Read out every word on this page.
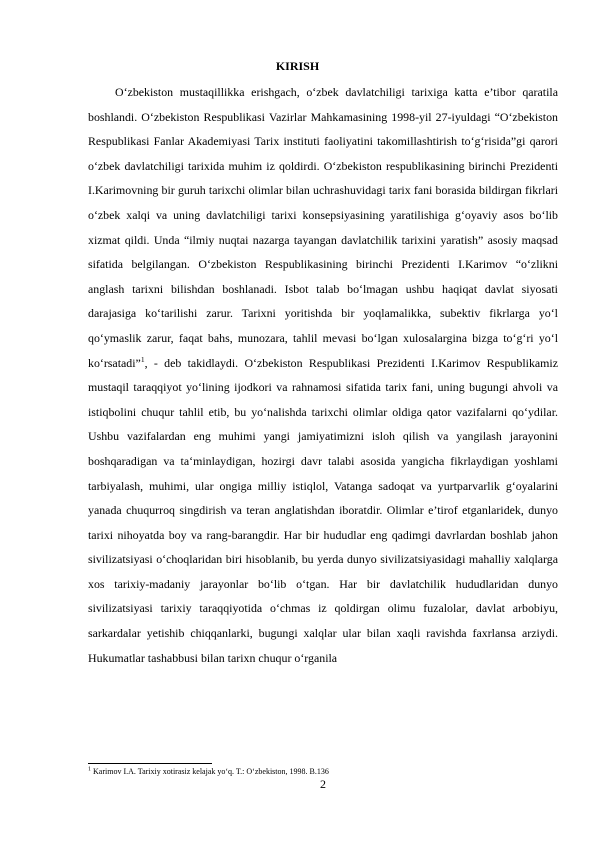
KIRISH

O‘zbekiston mustaqillikka erishgach, o‘zbek davlatchiligi tarixiga katta e’tibor qaratila boshlandi. O‘zbekiston Respublikasi Vazirlar Mahkamasining 1998-yil 27-iyuldagi “O‘zbekiston Respublikasi Fanlar Akademiyasi Tarix instituti faoliyatini takomillashtirish to‘g‘risida”gi qarori o‘zbek davlatchiligi tarixida muhim iz qoldirdi. O‘zbekiston respublikasining birinchi Prezidenti I.Karimovning bir guruh tarixchi olimlar bilan uchrashuvidagi tarix fani borasida bildirgan fikrlari o‘zbek xalqi va uning davlatchiligi tarixi konsepsiyasining yaratilishiga g‘oyaviy asos bo‘lib xizmat qildi. Unda “ilmiy nuqtai nazarga tayangan davlatchilik tarixini yaratish” asosiy maqsad sifatida belgilangan. O‘zbekiston Respublikasining birinchi Prezidenti I.Karimov “o‘zlikni anglash tarixni bilishdan boshlanadi. Isbot talab bo‘lmagan ushbu haqiqat davlat siyosati darajasiga ko‘tarilishi zarur. Tarixni yoritishda bir yoqlamalikka, subektiv fikrlarga yo‘l qo‘ymaslik zarur, faqat bahs, munozara, tahlil mevasi bo‘lgan xulosalargina bizga to‘g‘ri yo‘l ko‘rsatadi”$^1$, - deb takidlaydi. O‘zbekiston Respublikasi Prezidenti I.Karimov Respublikamiz mustaqil taraqqiyot yo‘lining ijodkori va rahnamosi sifatida tarix fani, uning bugungi ahvoli va istiqbolini chuqur tahlil etib, bu yo‘nalishda tarixchi olimlar oldiga qator vazifalarni qo‘ydilar. Ushbu vazifalardan eng muhimi yangi jamiyatimizni isloh qilish va yangilash jarayonini boshqaradigan va ta‘minlaydigan, hozirgi davr talabi asosida yangicha fikrlaydigan yoshlami tarbiyalash, muhimi, ular ongiga milliy istiqlol, Vatanga sadoqat va yurtparvarlik g‘oyalarini yanada chuqurroq singdirish va teran anglatishdan iboratdir. Olimlar e’tirof etganlaridek, dunyo tarixi nihoyatda boy va rang-barangdir. Har bir hududlar eng qadimgi davrlardan boshlab jahon sivilizatsiyasi o‘choqlaridan biri hisoblanib, bu yerda dunyo sivilizatsiyasidagi mahalliy xalqlarga xos tarixiy-madaniy jarayonlar bo‘lib o‘tgan. Har bir davlatchilik hududlaridan dunyo sivilizatsiyasi tarixiy taraqqiyotida o‘chmas iz qoldirgan olimu fuzalolar, davlat arbobiyu, sarkardalar yetishib chiqqanlarki, bugungi xalqlar ular bilan xaqli ravishda faxrlansa arziydi. Hukumatlar tashabbusi bilan tarixn chuqur o‘rganila

$^1$ Karimov I.A. Tarixiy xotirasiz kelajak yo‘q. T.: O‘zbekiston, 1998. B.136

2
